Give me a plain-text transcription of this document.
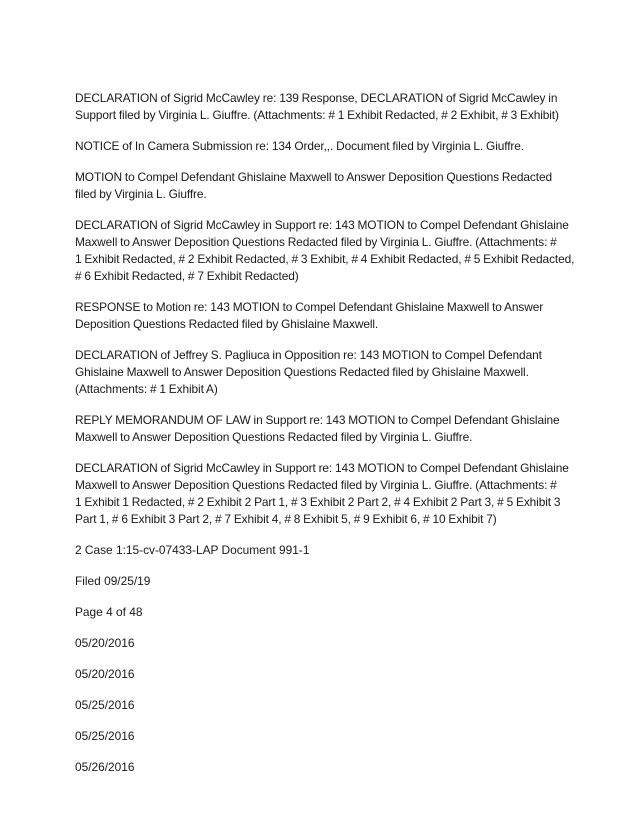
DECLARATION of Sigrid McCawley re: 139 Response, DECLARATION of Sigrid McCawley in
Support filed by Virginia L. Giuffre. (Attachments: # 1 Exhibit Redacted, # 2 Exhibit, # 3 Exhibit)

NOTICE of In Camera Submission re: 134 Order,,. Document filed by Virginia L. Giuffre.

MOTION to Compel Defendant Ghislaine Maxwell to Answer Deposition Questions Redacted
filed by Virginia L. Giuffre.

DECLARATION of Sigrid McCawley in Support re: 143 MOTION to Compel Defendant Ghislaine
Maxwell to Answer Deposition Questions Redacted filed by Virginia L. Giuffre. (Attachments: #
1 Exhibit Redacted, # 2 Exhibit Redacted, # 3 Exhibit, # 4 Exhibit Redacted, # 5 Exhibit Redacted,
# 6 Exhibit Redacted, # 7 Exhibit Redacted)

RESPONSE to Motion re: 143 MOTION to Compel Defendant Ghislaine Maxwell to Answer
Deposition Questions Redacted filed by Ghislaine Maxwell.

DECLARATION of Jeffrey S. Pagliuca in Opposition re: 143 MOTION to Compel Defendant
Ghislaine Maxwell to Answer Deposition Questions Redacted filed by Ghislaine Maxwell.
(Attachments: # 1 Exhibit A)

REPLY MEMORANDUM OF LAW in Support re: 143 MOTION to Compel Defendant Ghislaine
Maxwell to Answer Deposition Questions Redacted filed by Virginia L. Giuffre.

DECLARATION of Sigrid McCawley in Support re: 143 MOTION to Compel Defendant Ghislaine
Maxwell to Answer Deposition Questions Redacted filed by Virginia L. Giuffre. (Attachments: #
1 Exhibit 1 Redacted, # 2 Exhibit 2 Part 1, # 3 Exhibit 2 Part 2, # 4 Exhibit 2 Part 3, # 5 Exhibit 3
Part 1, # 6 Exhibit 3 Part 2, # 7 Exhibit 4, # 8 Exhibit 5, # 9 Exhibit 6, # 10 Exhibit 7)

2 Case 1:15-cv-07433-LAP Document 991-1

Filed 09/25/19

Page 4 of 48

05/20/2016

05/20/2016

05/25/2016

05/25/2016

05/26/2016
